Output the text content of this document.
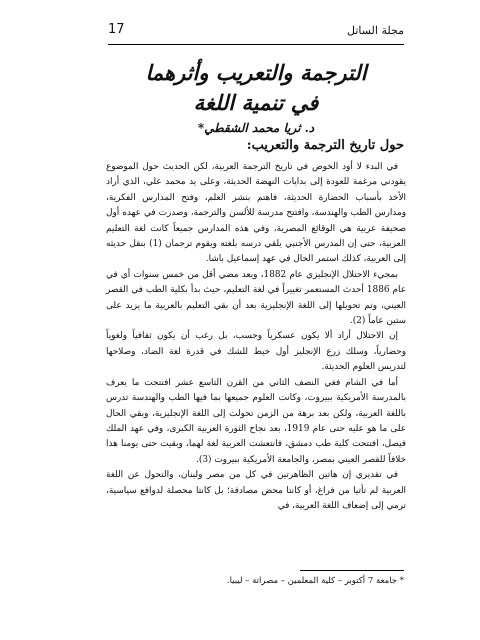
17	مجلة الساتل
الترجمة والتعريب وأثرهما
في تنمية اللغة
د. ثريا محمد الشقطي*
حول تاريخ الترجمة والتعريب:

في البدء لا أود الخوض في تاريخ الترجمة العربية، لكن الحديث حول الموضوع يقودني مرغمة للعودة إلى بدايات النهضة الحديثة، وعلى يد محمد علي، الذي أراد الأخذ بأسباب الحضارة الحديثة، فاهتم بنشر العلم، وفتح المدارس الفكرية، ومدارس الطب والهندسة، وافتتح مدرسة للألسن والترجمة، وصدرت في عهده أول صحيفة عربية هي الوقائع المصرية، وفي هذه المدارس جميعاً كانت لغة التعليم العربية، حتى إن المدرس الأجنبي يلقي درسه بلغته ويقوم ترجمان (1) بنقل حديثه إلى العربية، كذلك استمر الحال في عهد إسماعيل باشا.

بمجيء الاحتلال الإنجليزي عام 1882، وبعد مضي أقل من خمس سنوات أي في عام 1886 أحدث المستعمر تغييراً في لغة التعليم، حيث بدأ بكلية الطب في القصر العيني، وتم تحويلها إلى اللغة الإنجليزية بعد أن بقي التعليم بالعربية ما يزيد على ستين عاماً (2).

إن الاحتلال أراد ألا يكون عسكرياً وحسب، بل رغب أن يكون ثقافياً ولغوياً وحضارياً، وسلك زرع الإنجليز أول خيط للشك في قدرة لغة الضاد، وصلاحها لتدريس العلوم الحديثة.

أما في الشام فغي النصف الثاني من القرن التاسع عشر افتتحت ما يعرف بالمدرسة الأمريكية ببيروت، وكانت العلوم جميعها بما فيها الطب والهندسة تدرس باللغة العربية، ولكن بعد برهة من الزمن تحولت إلى اللغة الإنجليزية، وبقي الحال على ما هو عليه حتى عام 1919، بعد نجاح الثورة العربية الكبرى، وفي عهد الملك فيصل، افتتحت كلية طب دمشق، فانتعشت العربية لغة لهما، وبقيت حتى يومنا هذا خلافاً للقصر العيني بمصر، والجامعة الأمريكية ببيروت (3).

في تقديري إن هاتين الظاهرتين في كل من مصر ولبنان، والتحول عن اللغة العربية لم تأتيا من فراغ، أو كانتا محض مصادفة؛ بل كانتا محصلة لدوافع سياسية، ترمي إلى إضعاف اللغة العربية، في

* جامعة 7 أكتوبر – كلية المعلمين – مصراتة – ليبيا.
